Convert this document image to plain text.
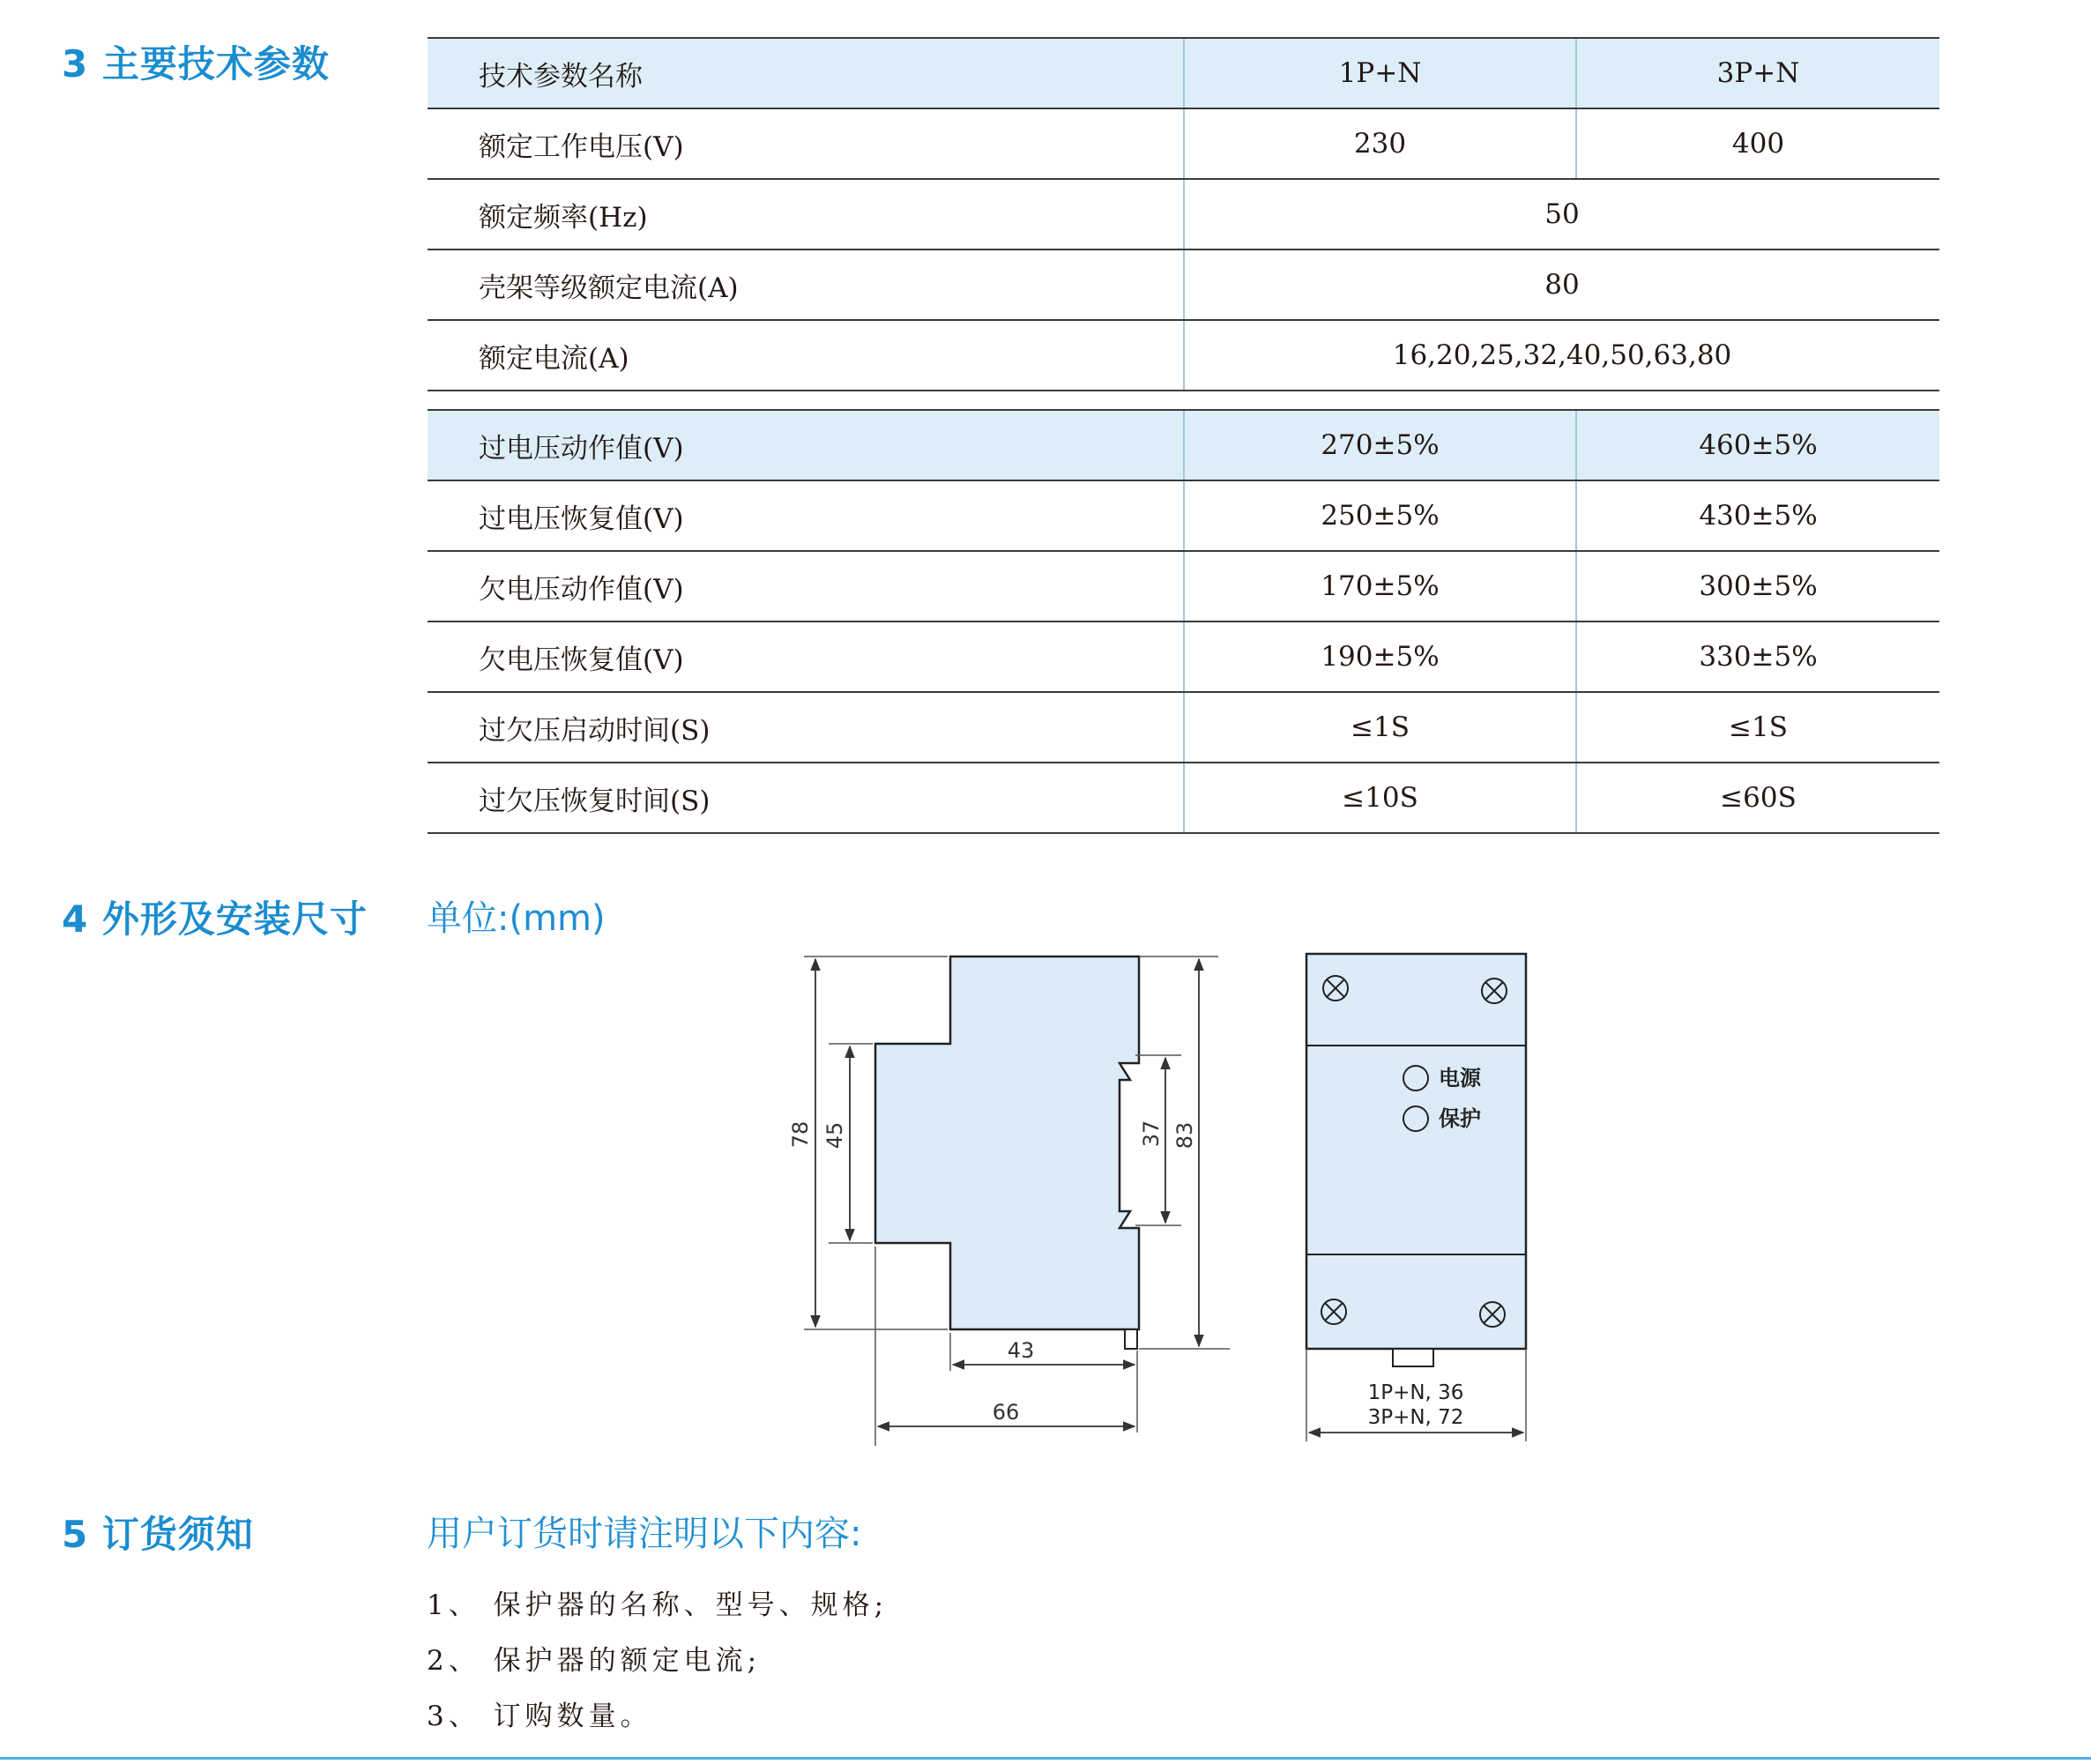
3 主要技术参数	技术参数名称	1P+N	3P+N
额定工作电压(V)	230	400
额定频率(Hz)	50	
壳架等级额定电流(A)	80	
额定电流(A)	16,20,25,32,40,50,63,80	

过电压动作值(V)	270±5%	460±5%
过电压恢复值(V)	250±5%	430±5%
欠电压动作值(V)	170±5%	300±5%
欠电压恢复值(V)	190±5%	330±5%
过欠压启动时间(S)	≤1S	≤1S
过欠压恢复时间(S)	≤10S	≤60S
4 外形及安装尺寸 单位:(mm)
78 45	37 83
43
66
电源
保护
1P+N, 36
3P+N, 72
5 订货须知	用户订货时请注明以下内容:
1、 保护器的名称、型号、规格;
2、 保护器的额定电流;
3、 订购数量。
